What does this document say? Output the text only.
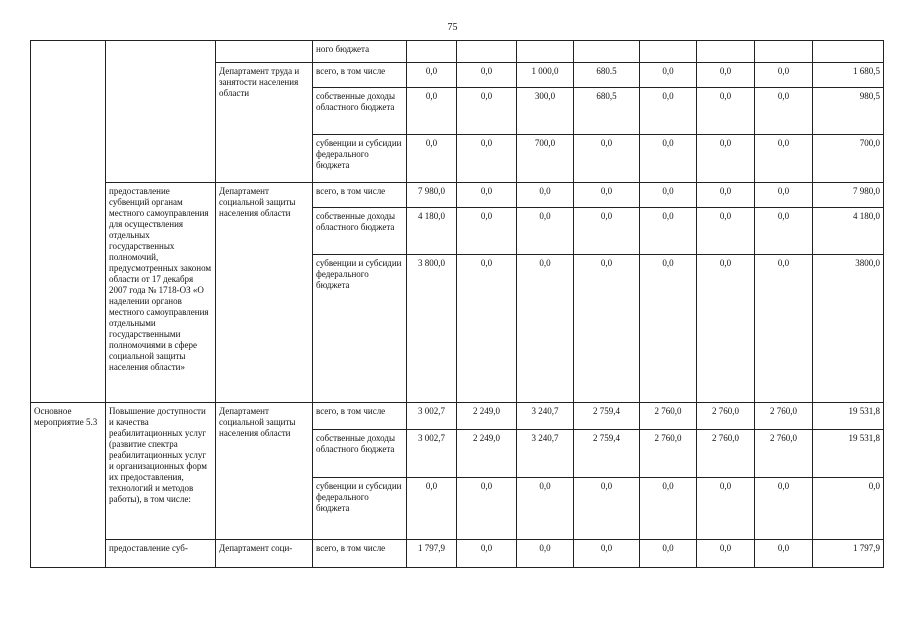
75
			ного бюджета								
		Департамент труда и занятости населения области	всего, в том числе	0,0	0,0	1 000,0	680.5	0,0	0,0	0,0	1 680,5
			собственные доходы областного бюджета	0,0	0,0	300,0	680,5	0,0	0,0	0,0	980,5
			субвенции и субсидии федерального бюджета	0,0	0,0	700,0	0,0	0,0	0,0	0,0	700,0
	предоставление субвенций органам местного самоуправления для осуществления отдельных государственных полномочий, предусмотренных законом области от 17 декабря 2007 года № 1718-ОЗ «О наделении органов местного самоуправления отдельными государственными полномочиями в сфере социальной защиты населения области»	Департамент социальной защиты населения области	всего, в том числе	7 980,0	0,0	0,0	0,0	0,0	0,0	0,0	7 980,0
			собственные доходы областного бюджета	4 180,0	0,0	0,0	0,0	0,0	0,0	0,0	4 180,0
			субвенции и субсидии федерального бюджета	3 800,0	0,0	0,0	0,0	0,0	0,0	0,0	3800,0
Основное мероприятие 5.3	Повышение доступности и качества реабилитационных услуг (развитие спектра реабилитационных услуг и организационных форм их предоставления, технологий и методов работы), в том числе:	Департамент социальной защиты населения области	всего, в том числе	3 002,7	2 249,0	3 240,7	2 759,4	2 760,0	2 760,0	2 760,0	19 531,8
			собственные доходы областного бюджета	3 002,7	2 249,0	3 240,7	2 759,4	2 760,0	2 760,0	2 760,0	19 531,8
			субвенции и субсидии федерального бюджета	0,0	0,0	0,0	0,0	0,0	0,0	0,0	0,0
	предоставление суб-	Департамент соци-	всего, в том числе	1 797,9	0,0	0,0	0,0	0,0	0,0	0,0	1 797,9
